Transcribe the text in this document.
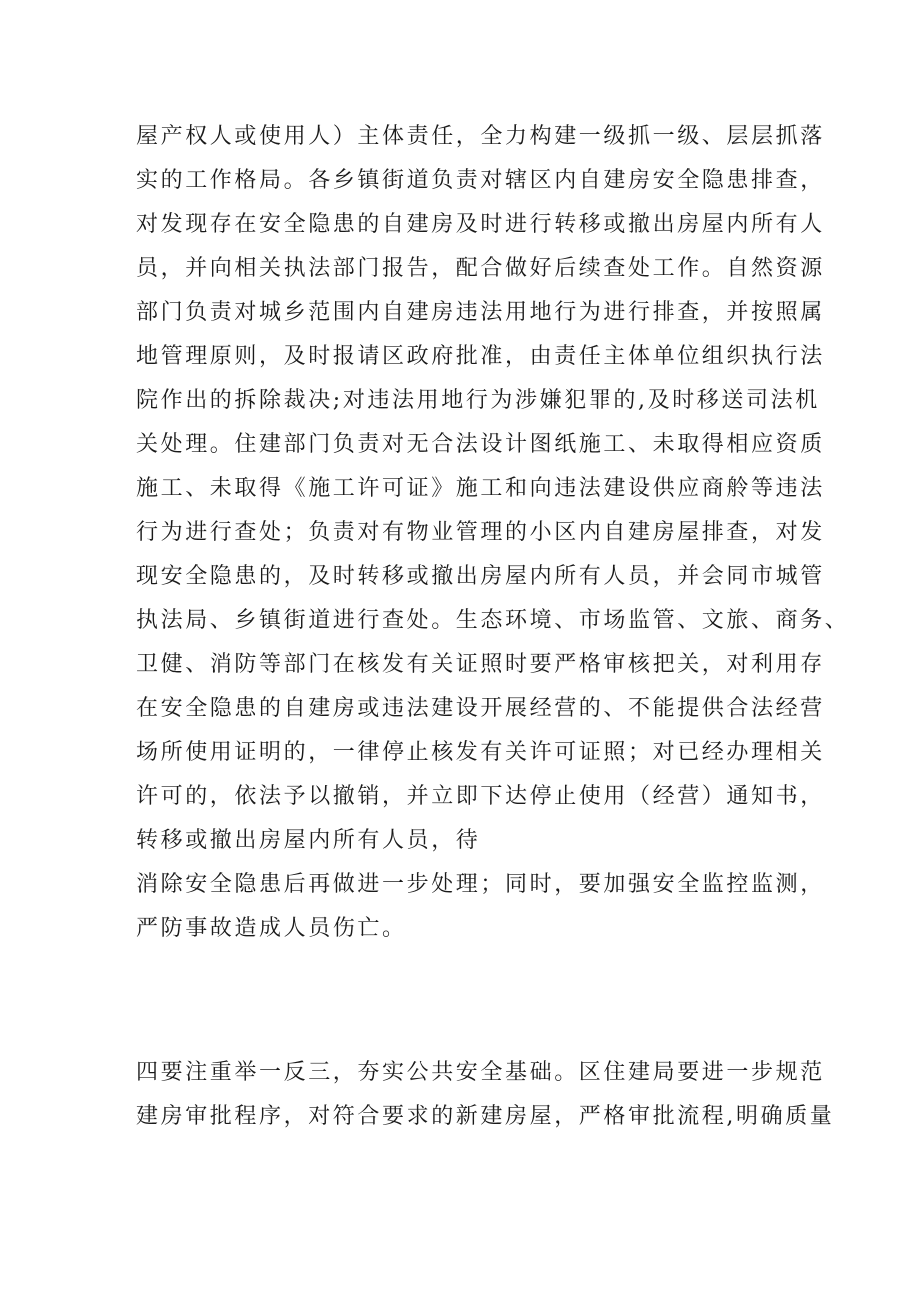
屋产权人或使用人）主体责任，全力构建一级抓一级、层层抓落

实的工作格局。各乡镇街道负责对辖区内自建房安全隐患排查，

对发现存在安全隐患的自建房及时进行转移或撤出房屋内所有人

员，并向相关执法部门报告，配合做好后续查处工作。自然资源

部门负责对城乡范围内自建房违法用地行为进行排查，并按照属

地管理原则，及时报请区政府批准，由责任主体单位组织执行法

院作出的拆除裁决;对违法用地行为涉嫌犯罪的,及时移送司法机

关处理。住建部门负责对无合法设计图纸施工、未取得相应资质

施工、未取得《施工许可证》施工和向违法建设供应商舲等违法

行为进行查处；负责对有物业管理的小区内自建房屋排查，对发

现安全隐患的，及时转移或撤出房屋内所有人员，并会同市城管

执法局、乡镇街道进行查处。生态环境、市场监管、文旅、商务、

卫健、消防等部门在核发有关证照时要严格审核把关，对利用存

在安全隐患的自建房或违法建设开展经营的、不能提供合法经营

场所使用证明的，一律停止核发有关许可证照；对已经办理相关

许可的，依法予以撤销，并立即下达停止使用（经营）通知书，

转移或撤出房屋内所有人员，待

消除安全隐患后再做进一步处理；同时，要加强安全监控监测，

严防事故造成人员伤亡。

四要注重举一反三，夯实公共安全基础。区住建局要进一步规范

建房审批程序，对符合要求的新建房屋，严格审批流程,明确质量
